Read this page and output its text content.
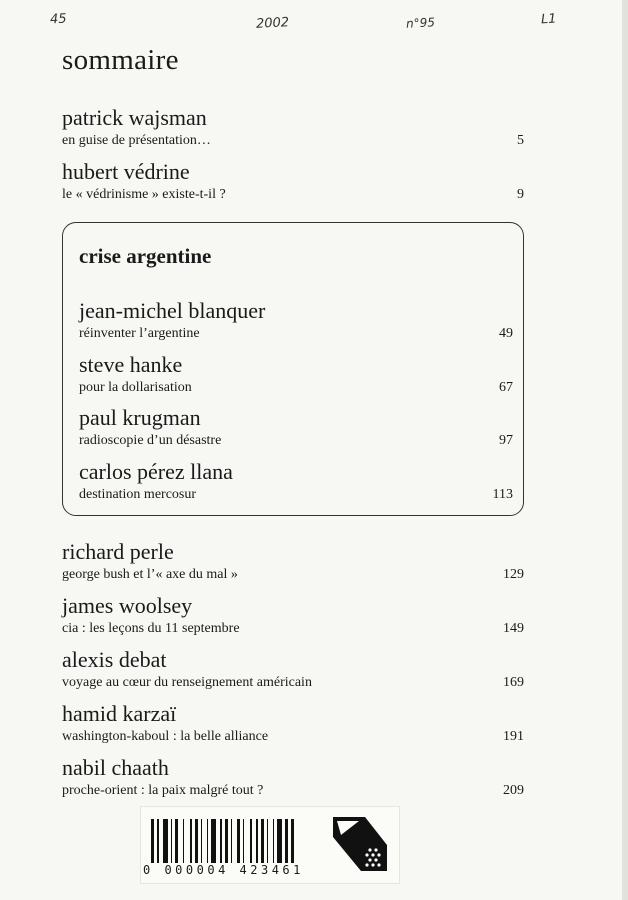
45	2002	n°95	L1
sommaire
patrick wajsman
en guise de présentation…	5
hubert védrine
le « védrinisme » existe-t-il ?	9
crise argentine
jean-michel blanquer
réinventer l’argentine	49
steve hanke
pour la dollarisation	67
paul krugman
radioscopie d’un désastre	97
carlos pérez llana
destination mercosur	113
richard perle
george bush et l’« axe du mal »	129
james woolsey
cia : les leçons du 11 septembre	149
alexis debat
voyage au cœur du renseignement américain	169
hamid karzaï
washington-kaboul : la belle alliance	191
nabil chaath
proche-orient : la paix malgré tout ?	209
0 000004 423461
